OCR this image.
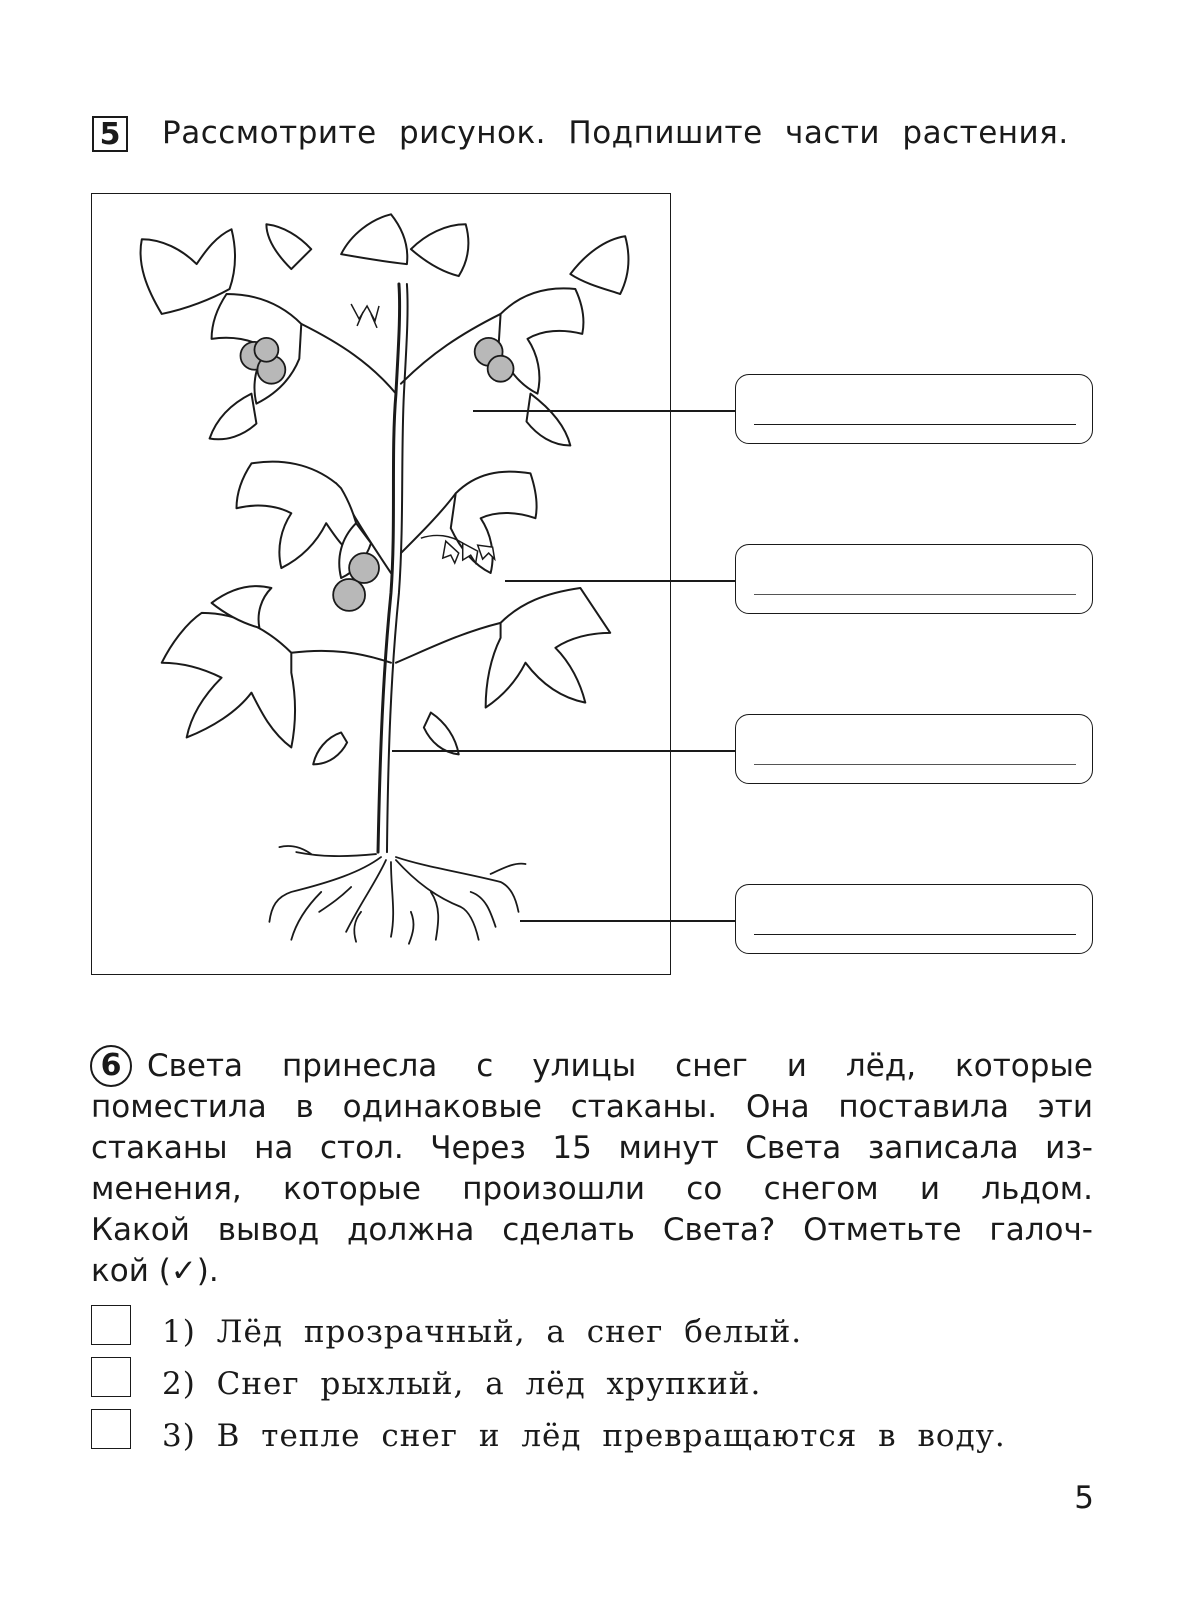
5 Рассмотрите рисунок. Подпишите части растения.
6 Света принесла с улицы снег и лёд, которые
поместила в одинаковые стаканы. Она поставила эти
стаканы на стол. Через 15 минут Света записала из-
менения, которые произошли со снегом и льдом.
Какой вывод должна сделать Света? Отметьте галоч-
кой (✓).
1) Лёд прозрачный, а снег белый.
2) Снег рыхлый, а лёд хрупкий.
3) В тепле снег и лёд превращаются в воду.
5
